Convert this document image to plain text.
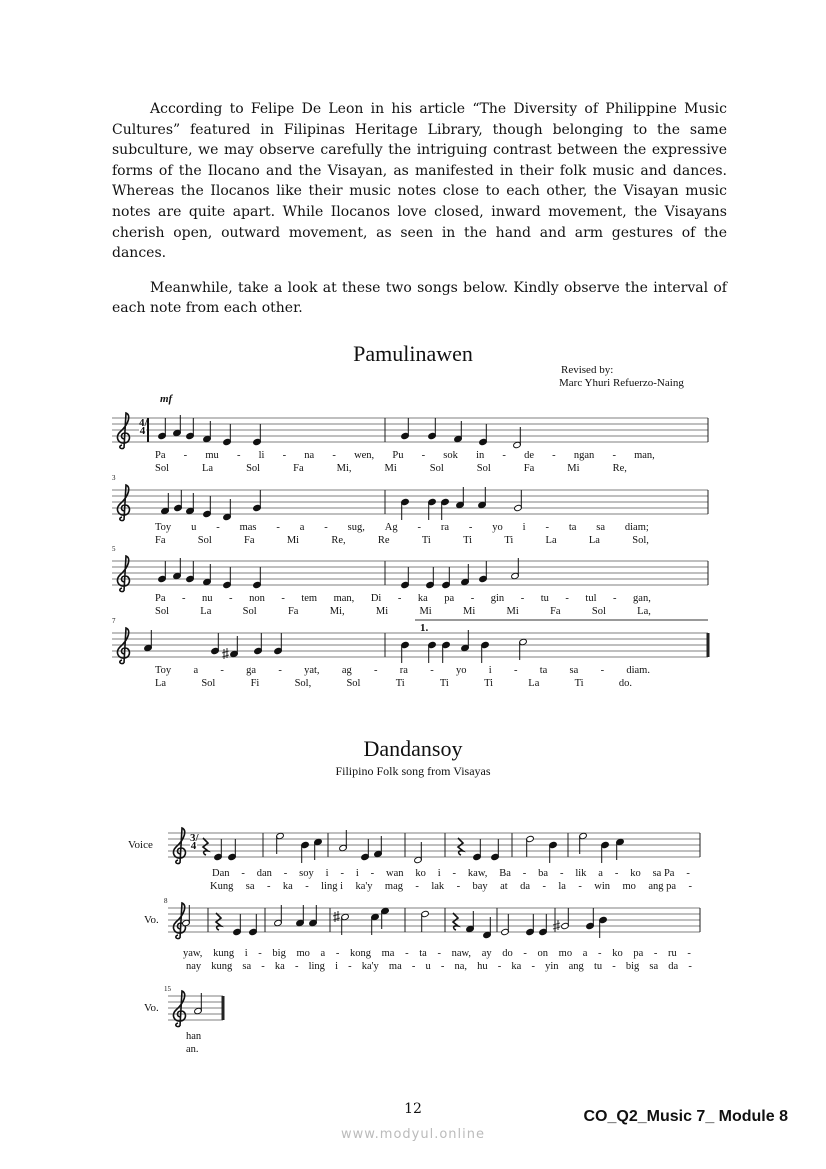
According to Felipe De Leon in his article “The Diversity of Philippine Music Cultures” featured in Filipinas Heritage Library, though belonging to the same subculture, we may observe carefully the intriguing contrast between the expressive forms of the Ilocano and the Visayan, as manifested in their folk music and dances. Whereas the Ilocanos like their music notes close to each other, the Visayan music notes are quite apart. While Ilocanos love closed, inward movement, the Visayans cherish open, outward movement, as seen in the hand and arm gestures of the dances.

Meanwhile, take a look at these two songs below. Kindly observe the interval of each note from each other.

Pamulinawen
Revised by:
Marc Yhuri Refuerzo-Naing
mf
4/4
3/4
3
5
7
1.
Pa - mu - li - na - wen, Pu - sok in - de - ngan - man,
Sol	La	Sol	Fa	Mi,	Mi	Sol	Sol	Fa	Mi	Re,
Toy u - mas - a - sug, Ag - ra - yo i - ta sa diam;
Fa	Sol	Fa	Mi	Re,	Re	Ti	Ti	Ti	La	La	Sol,
Pa - nu - non - tem man, Di - ka pa - gin - tu - tul - gan,
Sol	La	Sol	Fa	Mi,	Mi	Mi	Mi	Mi	Fa	Sol	La,
Toy a - ga - yat, ag - ra - yo i - ta sa - diam.
La	Sol	Fi	Sol,	Sol	Ti	Ti	Ti	La	Ti	do.
Dandansoy
Filipino Folk song from Visayas
Voice
Vo.
Vo.
8
15
Dan - dan - soy i - i - wan ko i - kaw, Ba - ba - lik a - ko sa Pa -
Kung sa - ka - ling i ka'y mag - lak - bay at da - la - win mo ang pa -
yaw, kung i - big mo a - kong ma - ta - naw, ay do - on mo a - ko pa - ru -
nay kung sa - ka - ling i - ka'y ma - u - na, hu - ka - yin ang tu - big sa da -
han
an.
12	CO_Q2_Music 7_ Module 8
www.modyul.online
